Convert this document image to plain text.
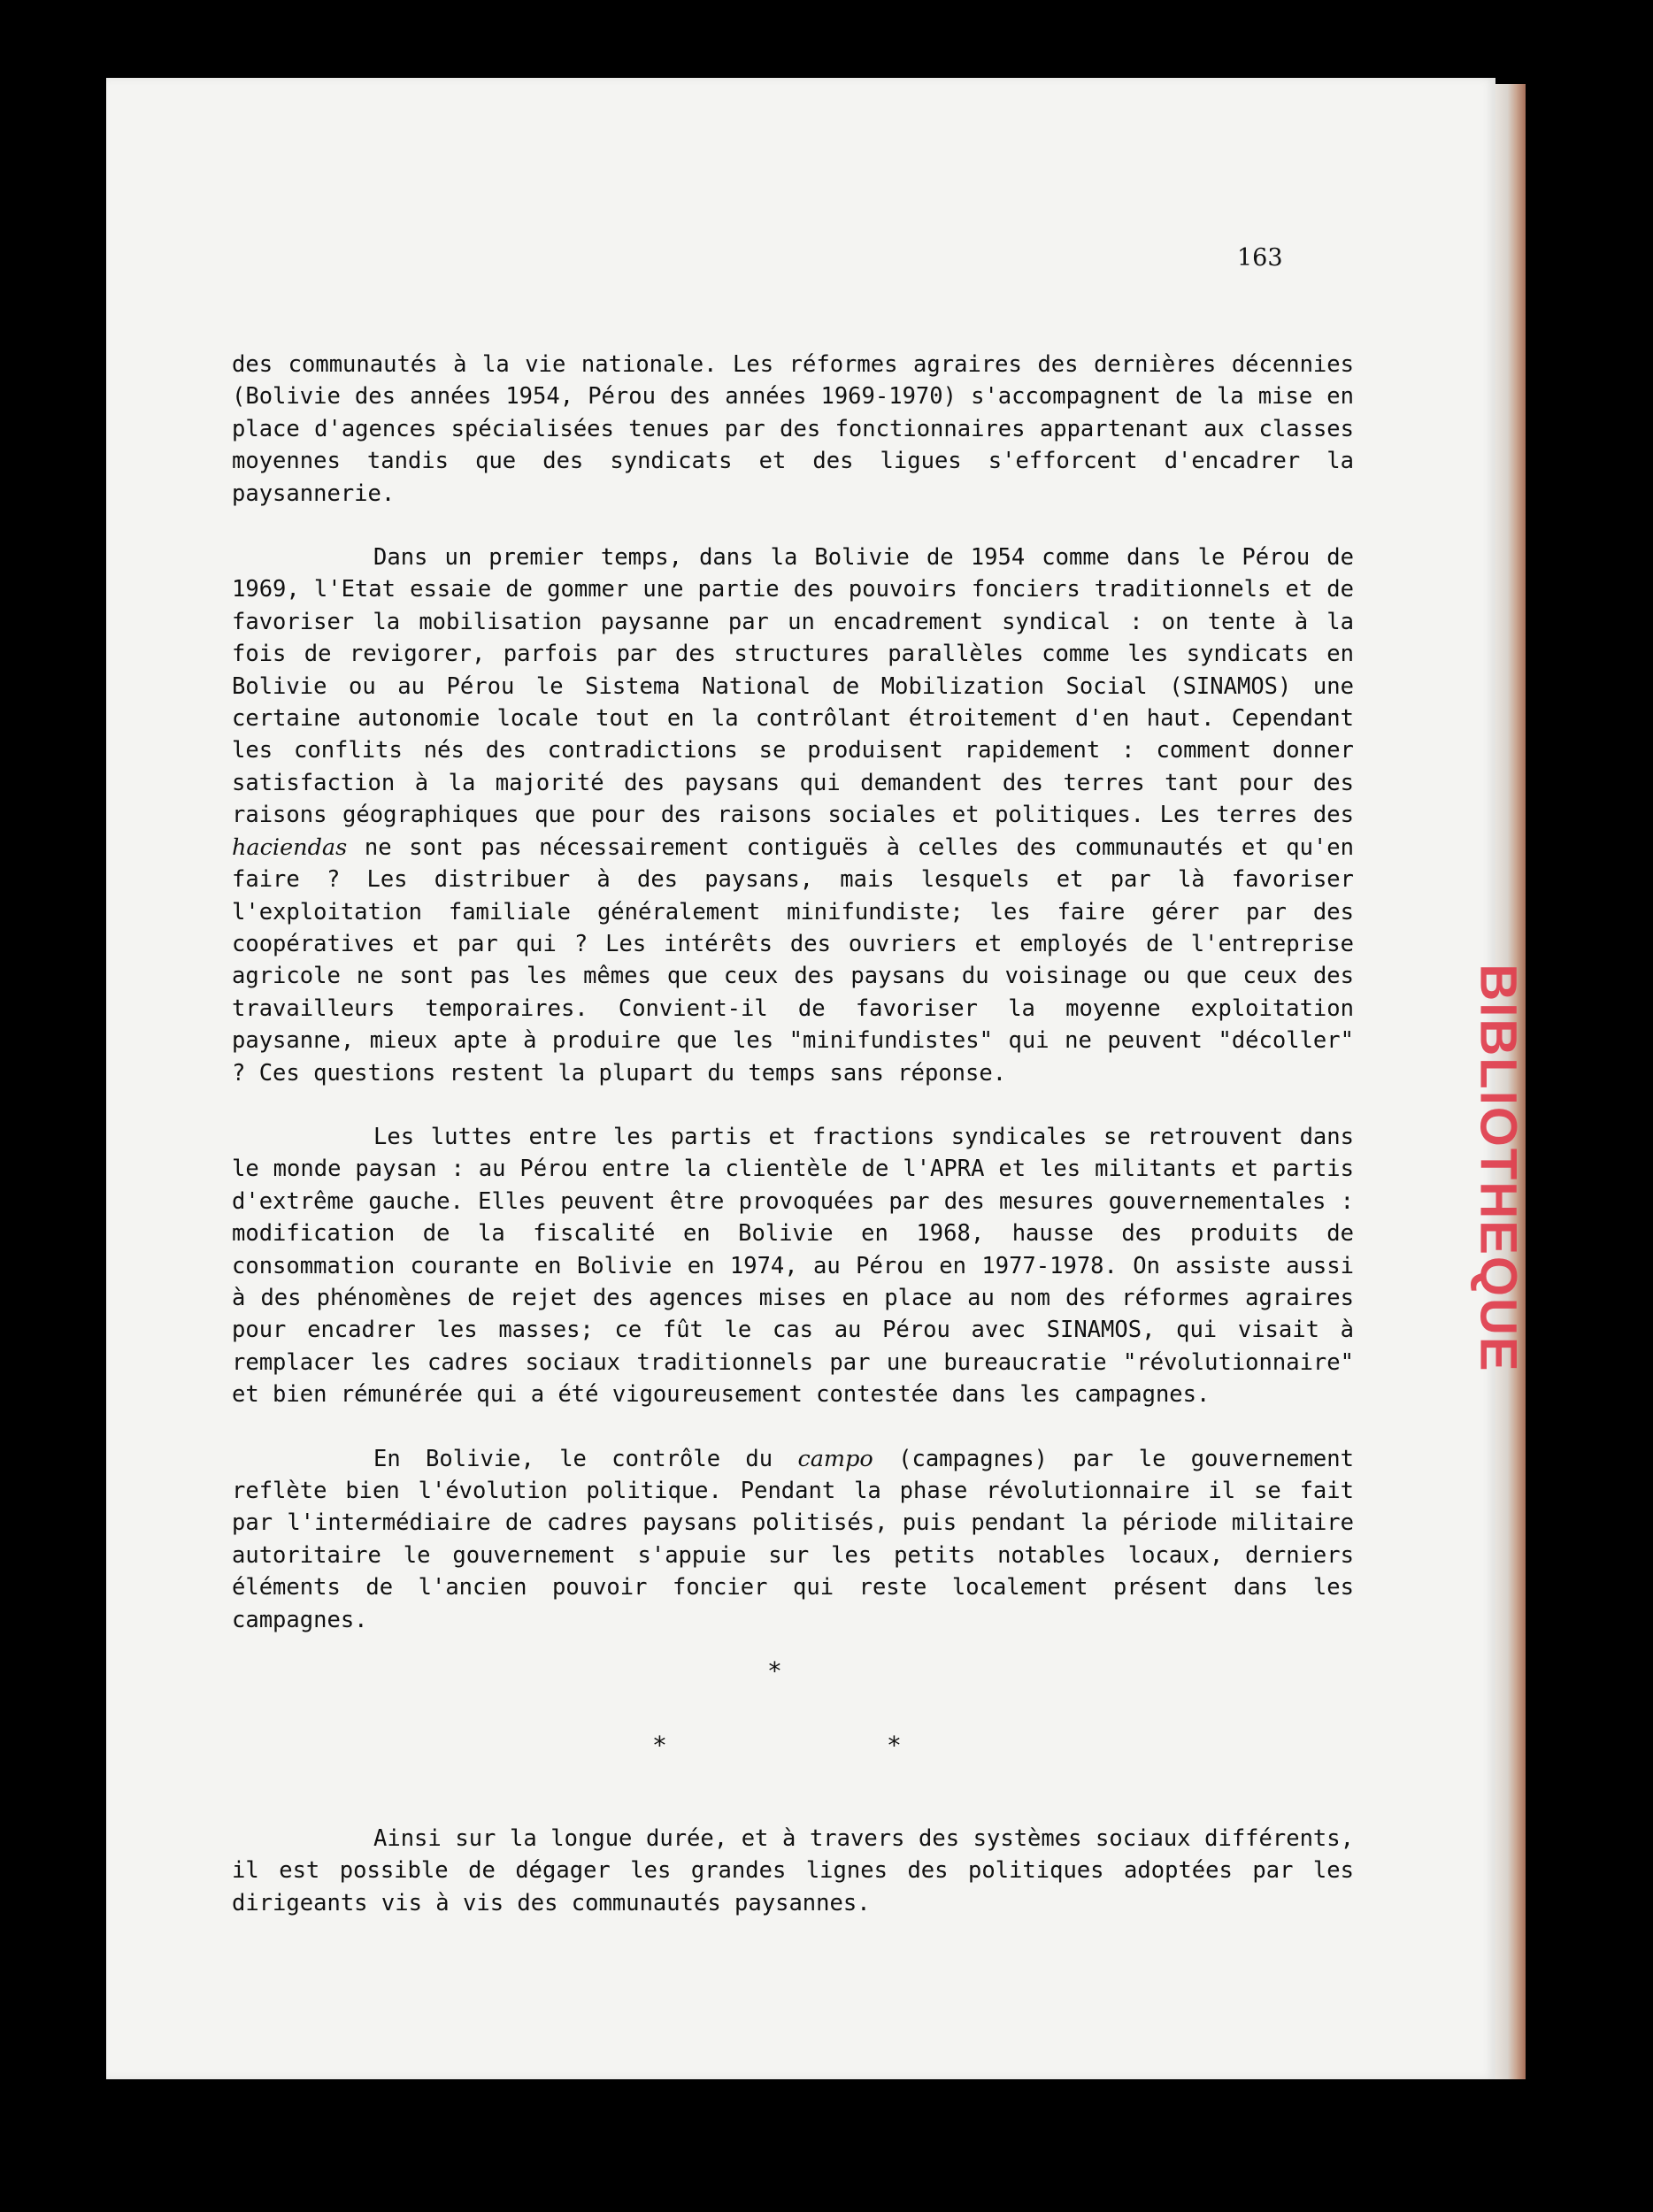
BIBLIOTHEQUE
163

des communautés à la vie nationale. Les réformes agraires des dernières décennies (Bolivie des années 1954, Pérou des années 1969-1970) s'accompagnent de la mise en place d'agences spécialisées tenues par des fonctionnaires appartenant aux classes moyennes tandis que des syndicats et des ligues s'efforcent d'encadrer la paysannerie.

Dans un premier temps, dans la Bolivie de 1954 comme dans le Pérou de 1969, l'Etat essaie de gommer une partie des pouvoirs fonciers traditionnels et de favoriser la mobilisation paysanne par un encadrement syndical : on tente à la fois de revigorer, parfois par des structures parallèles comme les syndicats en Bolivie ou au Pérou le Sistema National de Mobilization Social (SINAMOS) une certaine autonomie locale tout en la contrôlant étroitement d'en haut. Cependant les conflits nés des contradictions se produisent rapidement : comment donner satisfaction à la majorité des paysans qui demandent des terres tant pour des raisons géographiques que pour des raisons sociales et politiques. Les terres des haciendas ne sont pas nécessairement contiguës à celles des communautés et qu'en faire ? Les distribuer à des paysans, mais lesquels et par là favoriser l'exploitation familiale généralement minifundiste; les faire gérer par des coopératives et par qui ? Les intérêts des ouvriers et employés de l'entreprise agricole ne sont pas les mêmes que ceux des paysans du voisinage ou que ceux des travailleurs temporaires. Convient-il de favoriser la moyenne exploitation paysanne, mieux apte à produire que les "minifundistes" qui ne peuvent "décoller" ? Ces questions restent la plupart du temps sans réponse.

Les luttes entre les partis et fractions syndicales se retrouvent dans le monde paysan : au Pérou entre la clientèle de l'APRA et les militants et partis d'extrême gauche. Elles peuvent être provoquées par des mesures gouvernementales : modification de la fiscalité en Bolivie en 1968, hausse des produits de consommation courante en Bolivie en 1974, au Pérou en 1977-1978. On assiste aussi à des phénomènes de rejet des agences mises en place au nom des réformes agraires pour encadrer les masses; ce fût le cas au Pérou avec SINAMOS, qui visait à remplacer les cadres sociaux traditionnels par une bureaucratie "révolutionnaire" et bien rémunérée qui a été vigoureusement contestée dans les campagnes.

En Bolivie, le contrôle du campo (campagnes) par le gouvernement reflète bien l'évolution politique. Pendant la phase révolutionnaire il se fait par l'intermédiaire de cadres paysans politisés, puis pendant la période militaire autoritaire le gouvernement s'appuie sur les petits notables locaux, derniers éléments de l'ancien pouvoir foncier qui reste localement présent dans les campagnes.

*
*	*

Ainsi sur la longue durée, et à travers des systèmes sociaux différents, il est possible de dégager les grandes lignes des politiques adoptées par les dirigeants vis à vis des communautés paysannes.
